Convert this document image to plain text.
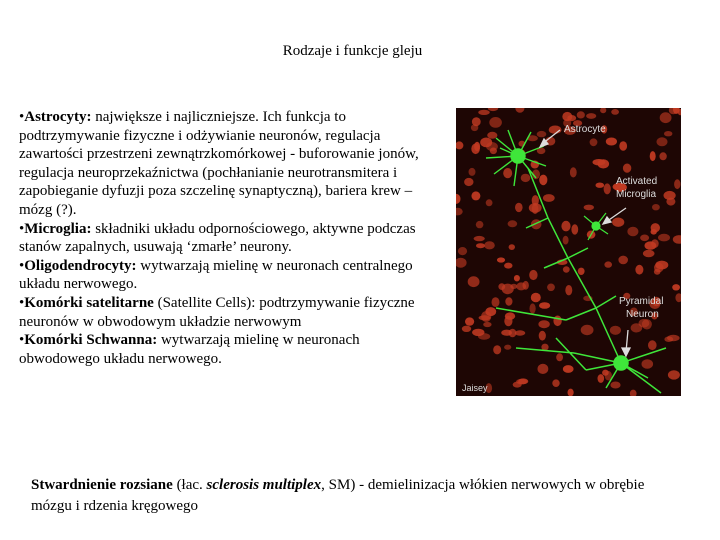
Rodzaje i funkcje gleju

•Astrocyty: największe i najliczniejsze. Ich funkcja to podtrzymywanie fizyczne i odżywianie neuronów, regulacja zawartości przestrzeni zewnątrzkomórkowej - buforowanie jonów, regulacja neuroprzekaźnictwa (pochłanianie neurotransmitera i zapobieganie dyfuzji poza szczelinę synaptyczną), bariera krew – mózg (?).

•Microglia: składniki układu odpornościowego, aktywne podczas stanów zapalnych, usuwają ‘zmarłe’ neurony.

•Oligodendrocyty: wytwarzają mielinę w neuronach centralnego układu nerwowego.

•Komórki satelitarne (Satellite Cells): podtrzymywanie fizyczne neuronów w obwodowym układzie nerwowym

•Komórki Schwanna: wytwarzają mielinę w neuronach obwodowego układu nerwowego.

Astrocyte
Activated
Microglia
Pyramidal
Neuron
Jaisey
Stwardnienie rozsiane (łac. sclerosis multiplex, SM) - demielinizacja włókien nerwowych w obrębie mózgu i rdzenia kręgowego
